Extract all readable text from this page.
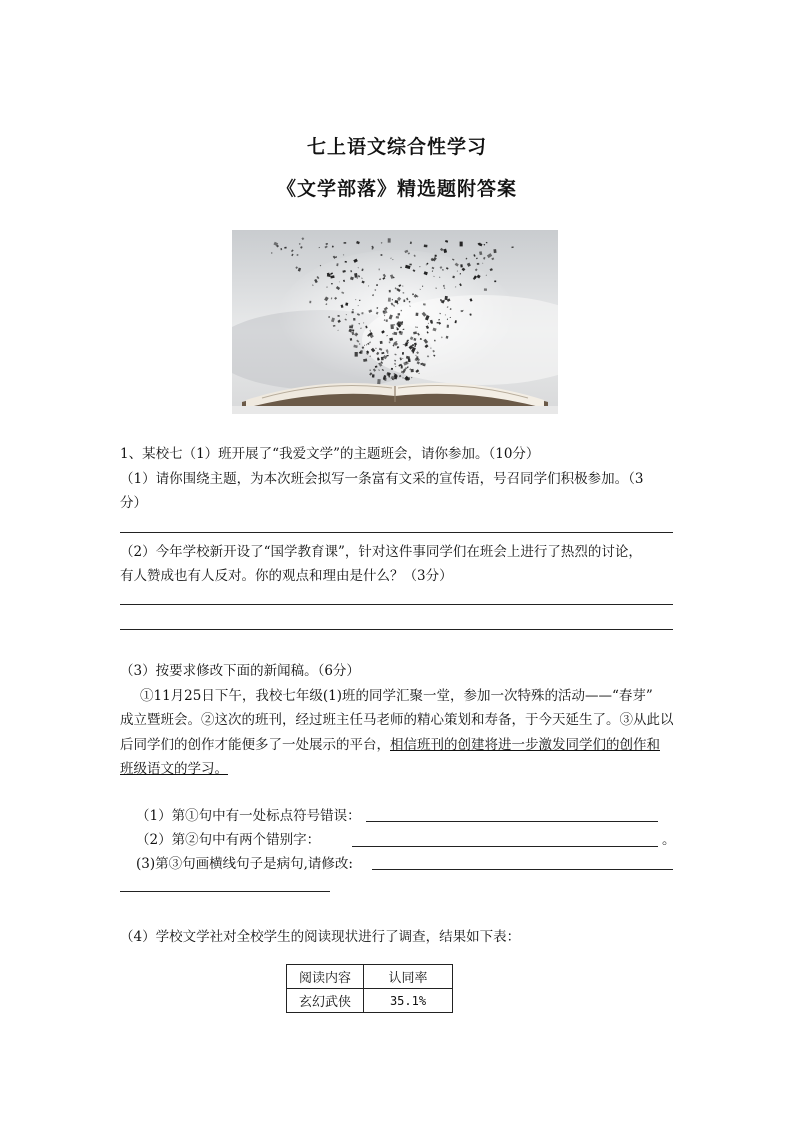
七上语文综合性学习
《文学部落》精选题附答案
1、某校七（1）班开展了“我爱文学”的主题班会，请你参加。（10分）
（1）请你围绕主题，为本次班会拟写一条富有文采的宣传语，号召同学们积极参加。（3
分）
（2）今年学校新开设了“国学教育课”，针对这件事同学们在班会上进行了热烈的讨论，
有人赞成也有人反对。你的观点和理由是什么？（3分）
（3）按要求修改下面的新闻稿。（6分）
①11月25日下午，我校七年级(1)班的同学汇聚一堂，参加一次特殊的活动——“春芽”
成立暨班会。②这次的班刊，经过班主任马老师的精心策划和寿备，于今天延生了。③从此以
后同学们的创作才能便多了一处展示的平台，相信班刊的创建将进一步激发同学们的创作和
班级语文的学习。
（1）第①句中有一处标点符号错误：
（2）第②句中有两个错别字：	。
(3)第③句画横线句子是病句,请修改:
（4）学校文学社对全校学生的阅读现状进行了调查，结果如下表：
阅读内容	认同率
玄幻武侠	35.1%
